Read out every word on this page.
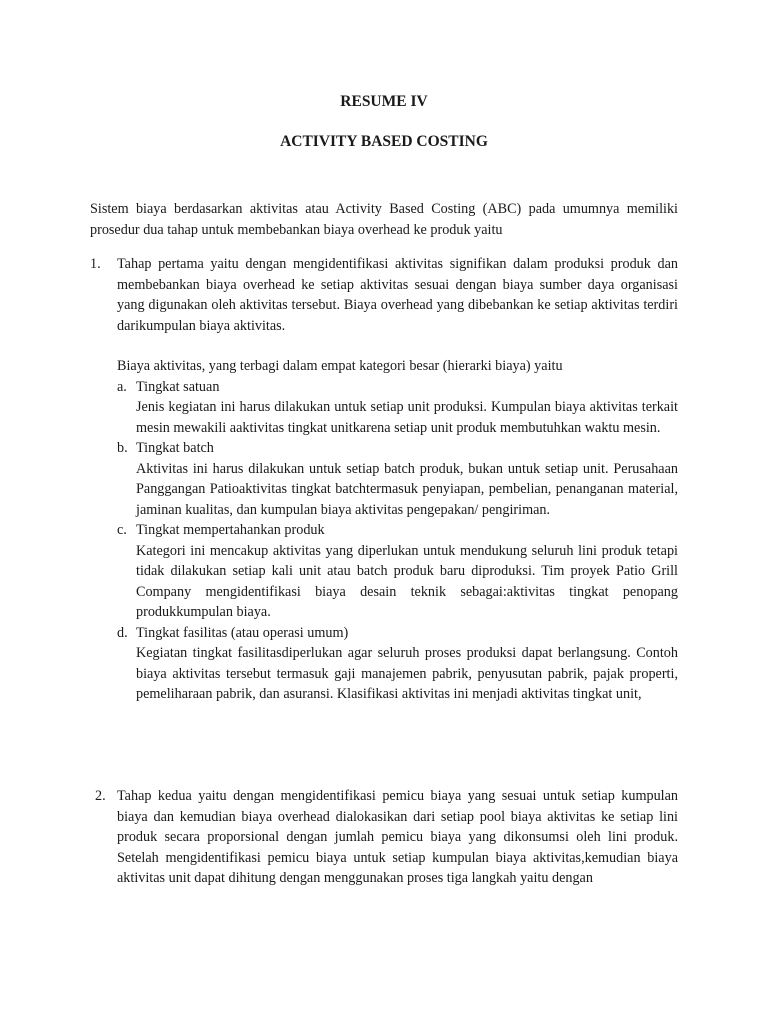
RESUME IV
ACTIVITY BASED COSTING
Sistem biaya berdasarkan aktivitas atau Activity Based Costing (ABC) pada umumnya memiliki prosedur dua tahap untuk membebankan biaya overhead ke produk yaitu
1. Tahap pertama yaitu dengan mengidentifikasi aktivitas signifikan dalam produksi produk dan membebankan biaya overhead ke setiap aktivitas sesuai dengan biaya sumber daya organisasi yang digunakan oleh aktivitas tersebut. Biaya overhead yang dibebankan ke setiap aktivitas terdiri darikumpulan biaya aktivitas.
Biaya aktivitas, yang terbagi dalam empat kategori besar (hierarki biaya) yaitu
a. Tingkat satuan
Jenis kegiatan ini harus dilakukan untuk setiap unit produksi. Kumpulan biaya aktivitas terkait mesin mewakili aaktivitas tingkat unitkarena setiap unit produk membutuhkan waktu mesin.
b. Tingkat batch
Aktivitas ini harus dilakukan untuk setiap batch produk, bukan untuk setiap unit. Perusahaan Panggangan Patioaktivitas tingkat batchtermasuk penyiapan, pembelian, penanganan material, jaminan kualitas, dan kumpulan biaya aktivitas pengepakan/ pengiriman.
c. Tingkat mempertahankan produk
Kategori ini mencakup aktivitas yang diperlukan untuk mendukung seluruh lini produk tetapi tidak dilakukan setiap kali unit atau batch produk baru diproduksi. Tim proyek Patio Grill Company mengidentifikasi biaya desain teknik sebagai:aktivitas tingkat penopang produkkumpulan biaya.
d. Tingkat fasilitas (atau operasi umum)
Kegiatan tingkat fasilitasdiperlukan agar seluruh proses produksi dapat berlangsung. Contoh biaya aktivitas tersebut termasuk gaji manajemen pabrik, penyusutan pabrik, pajak properti, pemeliharaan pabrik, dan asuransi. Klasifikasi aktivitas ini menjadi aktivitas tingkat unit,
2. Tahap kedua yaitu dengan mengidentifikasi pemicu biaya yang sesuai untuk setiap kumpulan biaya dan kemudian biaya overhead dialokasikan dari setiap pool biaya aktivitas ke setiap lini produk secara proporsional dengan jumlah pemicu biaya yang dikonsumsi oleh lini produk. Setelah mengidentifikasi pemicu biaya untuk setiap kumpulan biaya aktivitas,kemudian biaya aktivitas unit dapat dihitung dengan menggunakan proses tiga langkah yaitu dengan
